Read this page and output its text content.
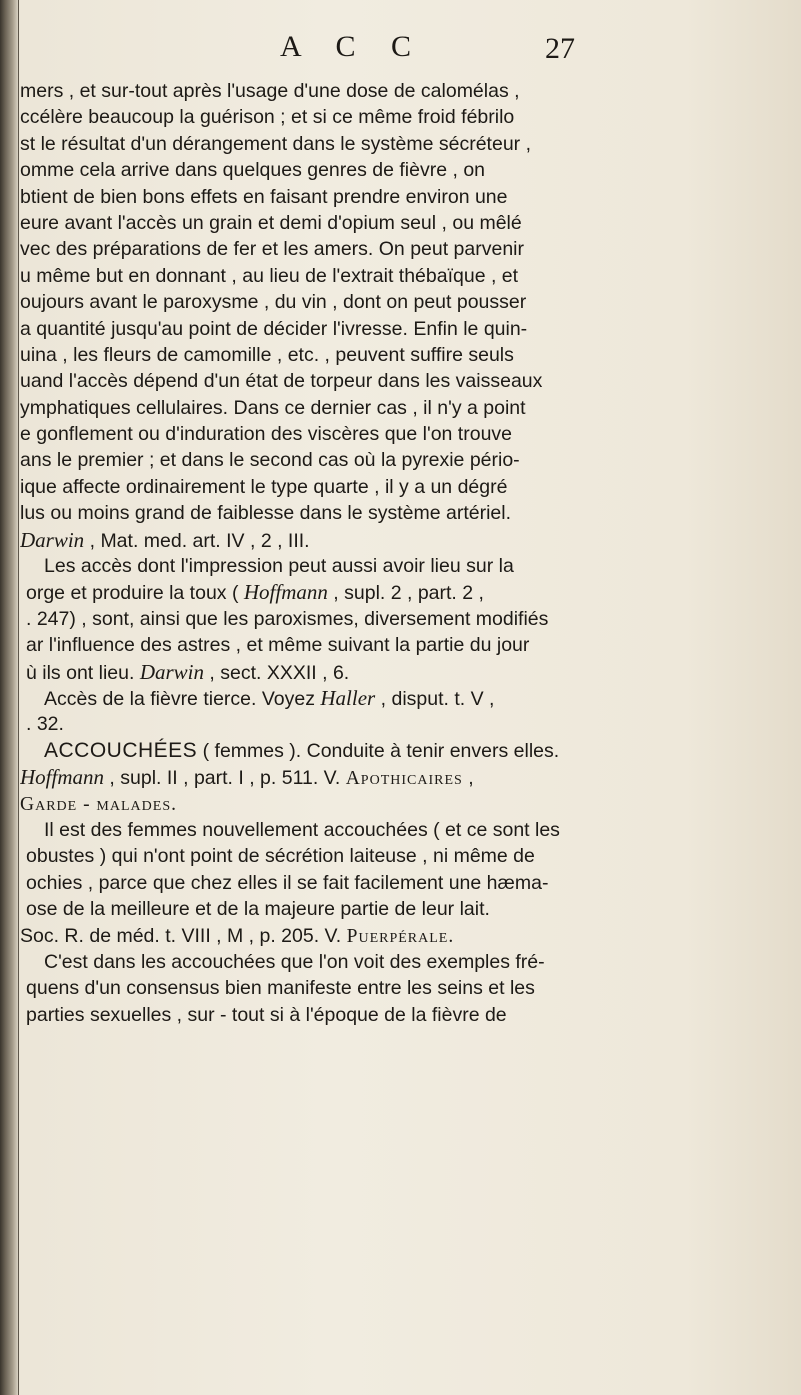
A C C	27
mers , et sur-tout après l'usage d'une dose de calomélas ,
ccélère beaucoup la guérison ; et si ce même froid fébrilo
st le résultat d'un dérangement dans le système sécréteur ,
omme cela arrive dans quelques genres de fièvre , on
btient de bien bons effets en faisant prendre environ une
eure avant l'accès un grain et demi d'opium seul , ou mêlé
vec des préparations de fer et les amers. On peut parvenir
u même but en donnant , au lieu de l'extrait thébaïque , et
oujours avant le paroxysme , du vin , dont on peut pousser
a quantité jusqu'au point de décider l'ivresse. Enfin le quin-
uina , les fleurs de camomille , etc. , peuvent suffire seuls
uand l'accès dépend d'un état de torpeur dans les vaisseaux
ymphatiques cellulaires. Dans ce dernier cas , il n'y a point
e gonflement ou d'induration des viscères que l'on trouve
ans le premier ; et dans le second cas où la pyrexie pério-
ique affecte ordinairement le type quarte , il y a un dégré
lus ou moins grand de faiblesse dans le système artériel.
Darwin , Mat. med. art. IV , 2 , III.
Les accès dont l'impression peut aussi avoir lieu sur la
orge et produire la toux ( Hoffmann , supl. 2 , part. 2 ,
. 247) , sont, ainsi que les paroxismes, diversement modifiés
ar l'influence des astres , et même suivant la partie du jour
ù ils ont lieu. Darwin , sect. XXXII , 6.
Accès de la fièvre tierce. Voyez Haller , disput. t. V ,
. 32.
ACCOUCHÉES ( femmes ). Conduite à tenir envers elles.
Hoffmann , supl. II , part. I , p. 511. V. Apothicaires ,
Garde - malades.
Il est des femmes nouvellement accouchées ( et ce sont les
obustes ) qui n'ont point de sécrétion laiteuse , ni même de
ochies , parce que chez elles il se fait facilement une hæma-
ose de la meilleure et de la majeure partie de leur lait.
Soc. R. de méd. t. VIII , M , p. 205. V. Puerpérale.
C'est dans les accouchées que l'on voit des exemples fré-
quens d'un consensus bien manifeste entre les seins et les
parties sexuelles , sur - tout si à l'époque de la fièvre de
